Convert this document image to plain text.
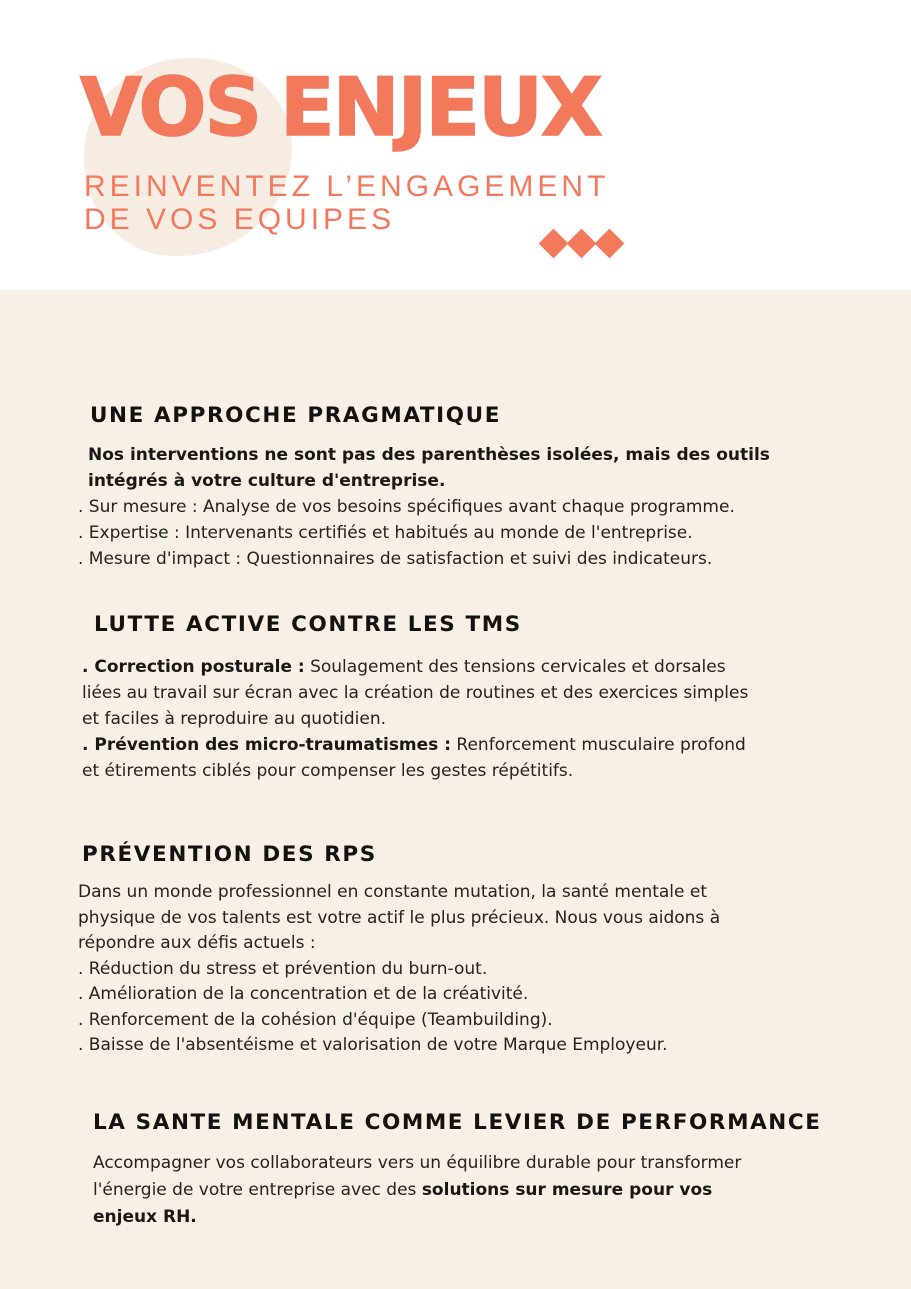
VOS ENJEUX

REINVENTEZ L’ENGAGEMENT
DE VOS EQUIPES

UNE APPROCHE PRAGMATIQUE
Nos interventions ne sont pas des parenthèses isolées, mais des outils
intégrés à votre culture d'entreprise.
. Sur mesure : Analyse de vos besoins spécifiques avant chaque programme.
. Expertise : Intervenants certifiés et habitués au monde de l'entreprise.
. Mesure d'impact : Questionnaires de satisfaction et suivi des indicateurs.
LUTTE ACTIVE CONTRE LES TMS
. Correction posturale : Soulagement des tensions cervicales et dorsales
liées au travail sur écran avec la création de routines et des exercices simples
et faciles à reproduire au quotidien.
. Prévention des micro-traumatismes : Renforcement musculaire profond
et étirements ciblés pour compenser les gestes répétitifs.
PRÉVENTION DES RPS
Dans un monde professionnel en constante mutation, la santé mentale et
physique de vos talents est votre actif le plus précieux. Nous vous aidons à
répondre aux défis actuels :
. Réduction du stress et prévention du burn-out.
. Amélioration de la concentration et de la créativité.
. Renforcement de la cohésion d'équipe (Teambuilding).
. Baisse de l'absentéisme et valorisation de votre Marque Employeur.
LA SANTE MENTALE COMME LEVIER DE PERFORMANCE
Accompagner vos collaborateurs vers un équilibre durable pour transformer
l'énergie de votre entreprise avec des solutions sur mesure pour vos
enjeux RH.
